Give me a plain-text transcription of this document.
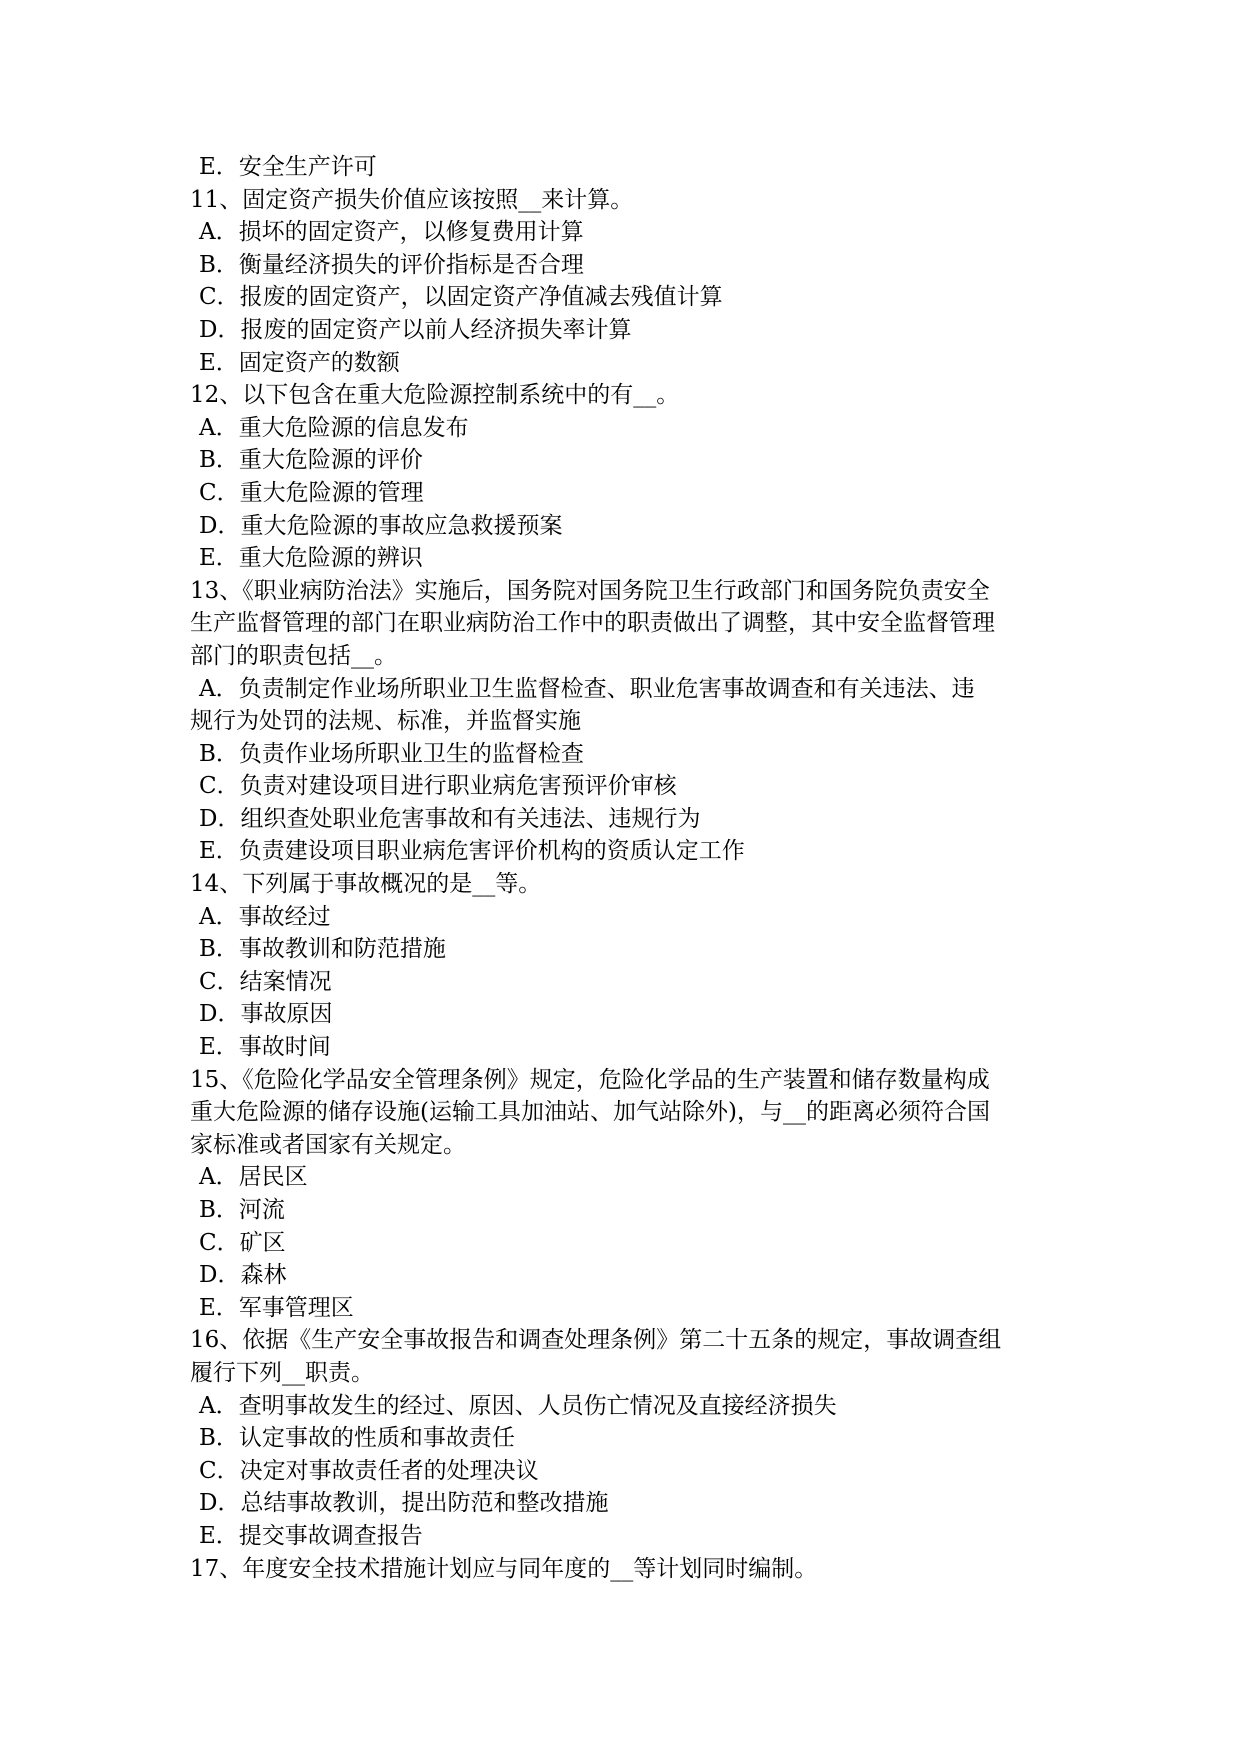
E．安全生产许可
11、固定资产损失价值应该按照__来计算。
A．损坏的固定资产，以修复费用计算
B．衡量经济损失的评价指标是否合理
C．报废的固定资产，以固定资产净值减去残值计算
D．报废的固定资产以前人经济损失率计算
E．固定资产的数额
12、以下包含在重大危险源控制系统中的有__。
A．重大危险源的信息发布
B．重大危险源的评价
C．重大危险源的管理
D．重大危险源的事故应急救援预案
E．重大危险源的辨识
13、《职业病防治法》实施后，国务院对国务院卫生行政部门和国务院负责安全
生产监督管理的部门在职业病防治工作中的职责做出了调整，其中安全监督管理
部门的职责包括__。
A．负责制定作业场所职业卫生监督检查、职业危害事故调查和有关违法、违
规行为处罚的法规、标准，并监督实施
B．负责作业场所职业卫生的监督检查
C．负责对建设项目进行职业病危害预评价审核
D．组织查处职业危害事故和有关违法、违规行为
E．负责建设项目职业病危害评价机构的资质认定工作
14、下列属于事故概况的是__等。
A．事故经过
B．事故教训和防范措施
C．结案情况
D．事故原因
E．事故时间
15、《危险化学品安全管理条例》规定，危险化学品的生产装置和储存数量构成
重大危险源的储存设施(运输工具加油站、加气站除外)，与__的距离必须符合国
家标准或者国家有关规定。
A．居民区
B．河流
C．矿区
D．森林
E．军事管理区
16、依据《生产安全事故报告和调查处理条例》第二十五条的规定，事故调查组
履行下列__职责。
A．查明事故发生的经过、原因、人员伤亡情况及直接经济损失
B．认定事故的性质和事故责任
C．决定对事故责任者的处理决议
D．总结事故教训，提出防范和整改措施
E．提交事故调查报告
17、年度安全技术措施计划应与同年度的__等计划同时编制。
